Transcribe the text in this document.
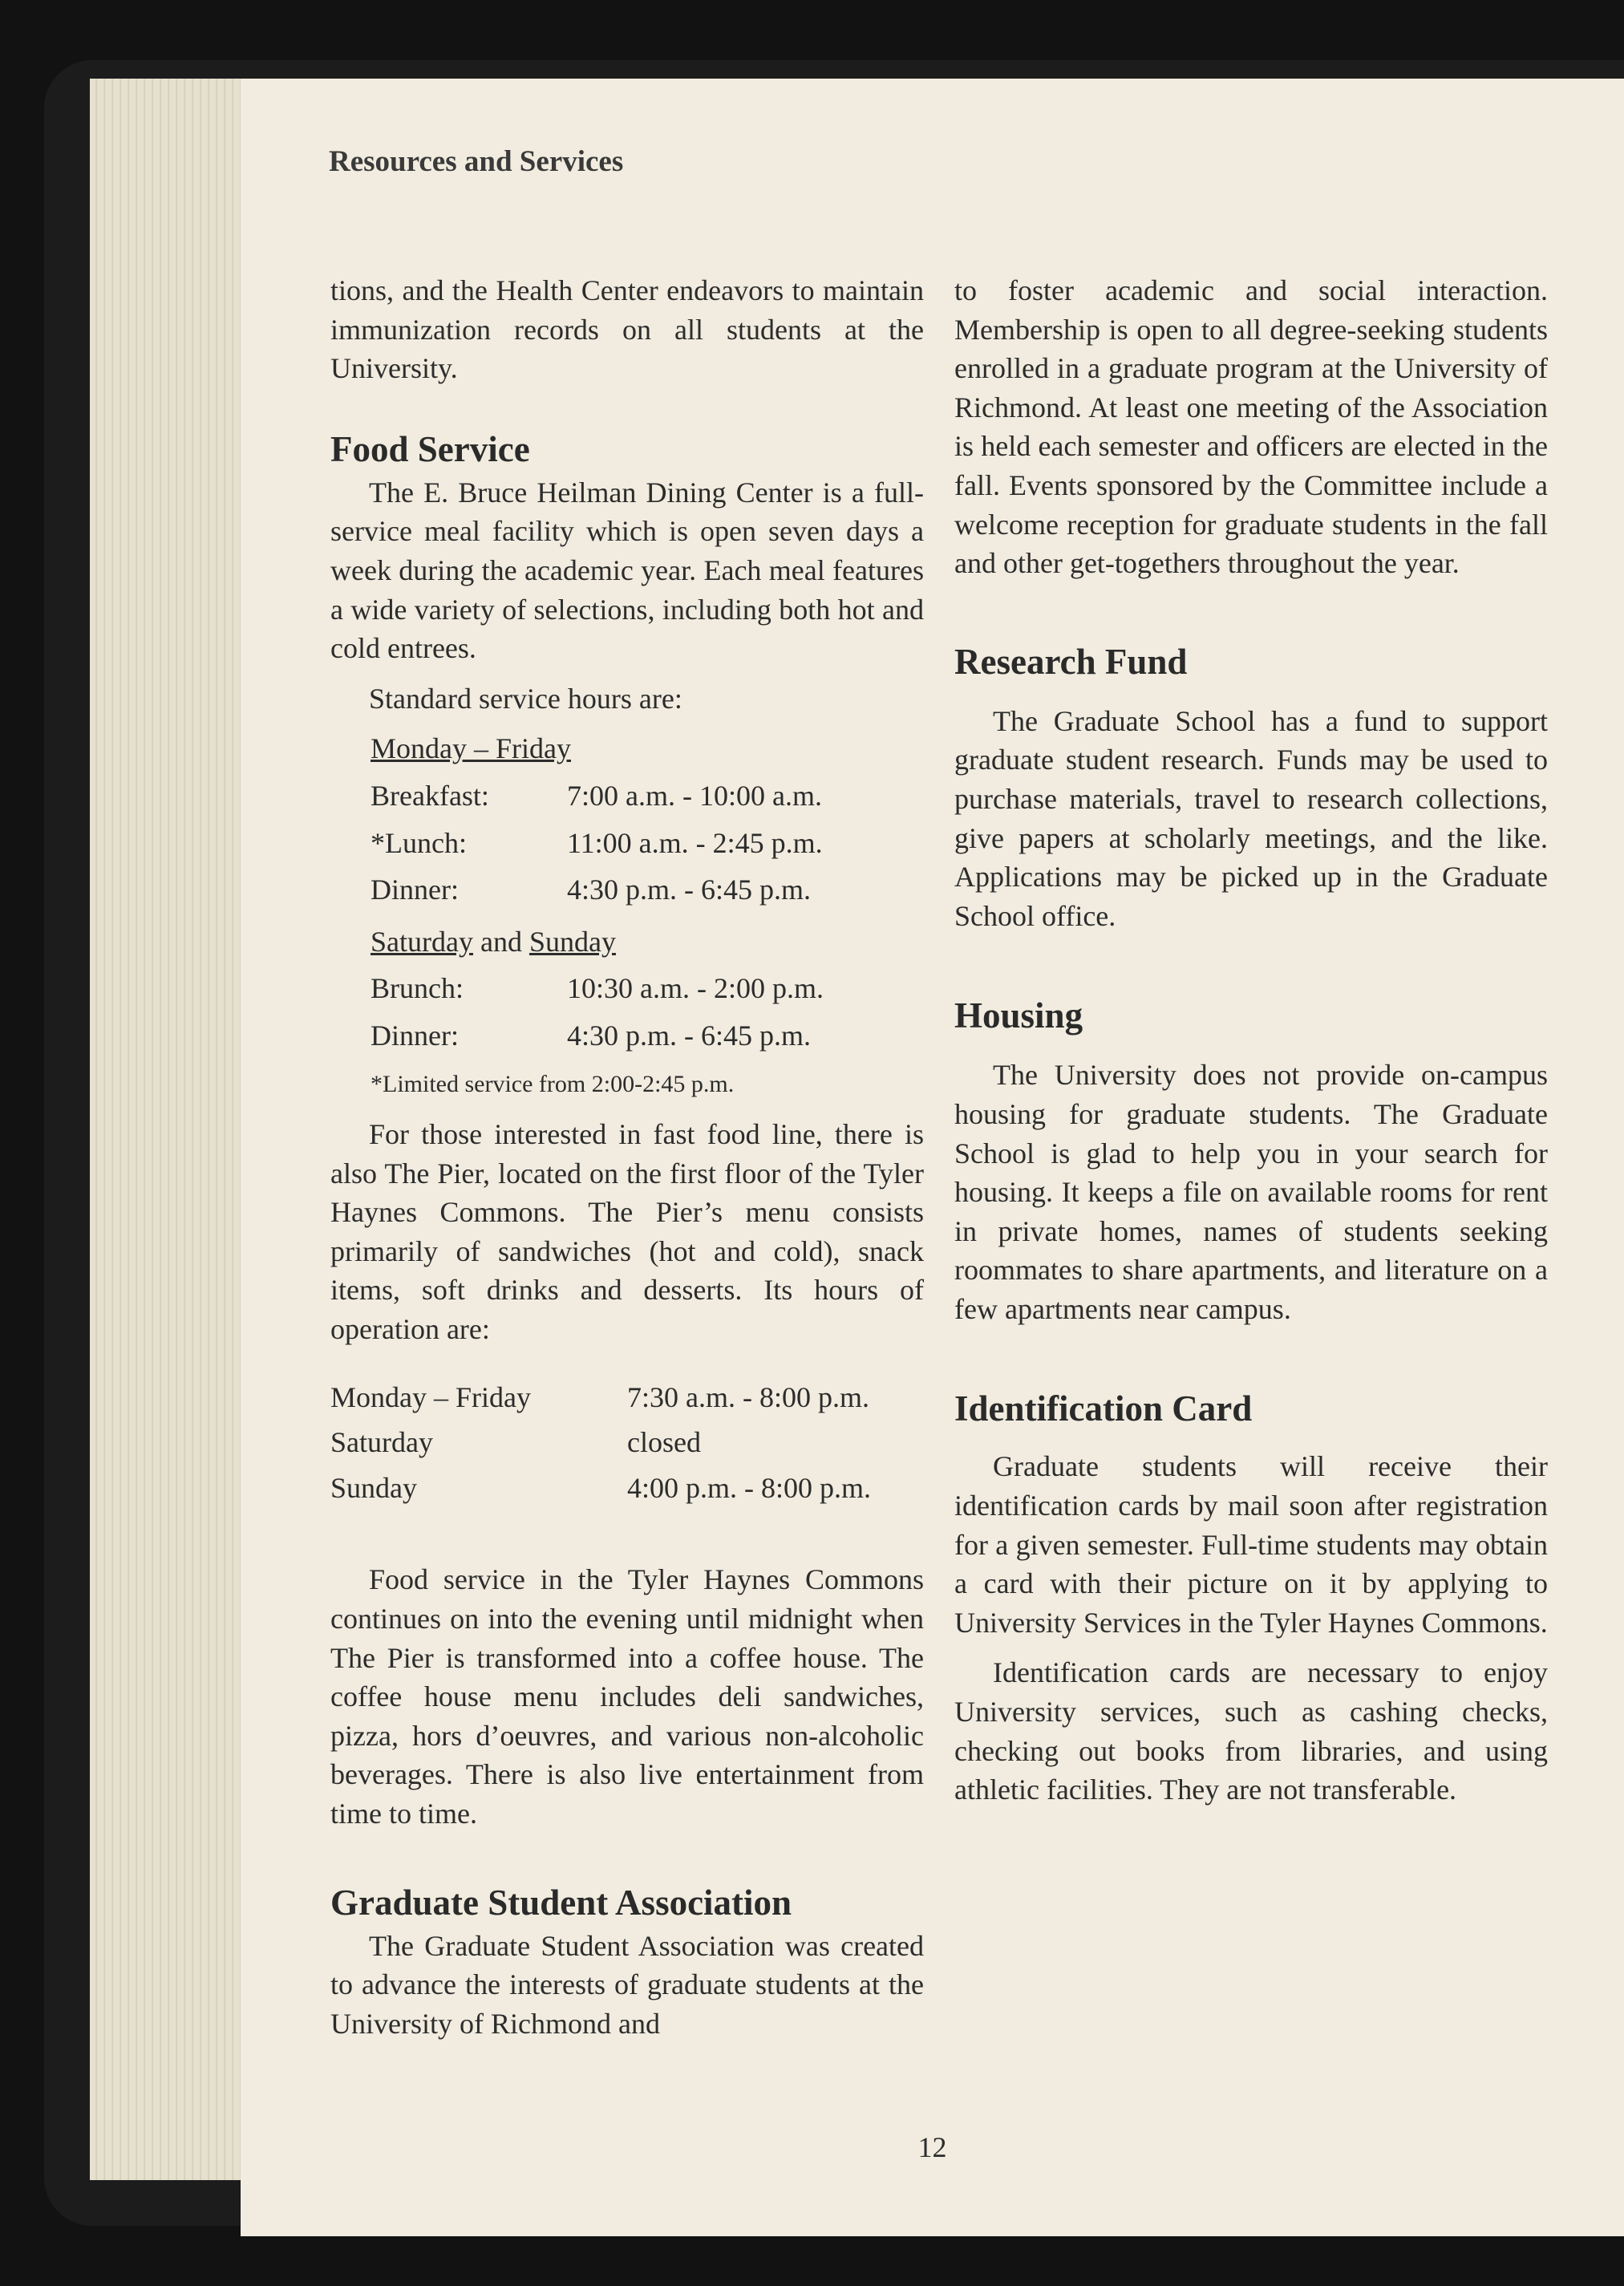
Resources and Services

tions, and the Health Center endeavors to maintain immunization records on all students at the University.

Food Service

The E. Bruce Heilman Dining Center is a full-service meal facility which is open seven days a week during the academic year. Each meal features a wide variety of selections, including both hot and cold entrees.

Standard service hours are:

Monday – Friday
Breakfast:	7:00 a.m. - 10:00 a.m.
*Lunch:	11:00 a.m. - 2:45 p.m.
Dinner:	4:30 p.m. - 6:45 p.m.
Saturday and Sunday
Brunch:	10:30 a.m. - 2:00 p.m.
Dinner:	4:30 p.m. - 6:45 p.m.
*Limited service from 2:00-2:45 p.m.

For those interested in fast food line, there is also The Pier, located on the first floor of the Tyler Haynes Commons. The Pier’s menu consists primarily of sandwiches (hot and cold), snack items, soft drinks and desserts. Its hours of operation are:

Monday – Friday	7:30 a.m. - 8:00 p.m.
Saturday	closed
Sunday	4:00 p.m. - 8:00 p.m.

Food service in the Tyler Haynes Commons continues on into the evening until midnight when The Pier is transformed into a coffee house. The coffee house menu includes deli sandwiches, pizza, hors d’oeuvres, and various non-alcoholic beverages. There is also live entertainment from time to time.

Graduate Student Association

The Graduate Student Association was created to advance the interests of graduate students at the University of Richmond and

to foster academic and social interaction. Membership is open to all degree-seeking students enrolled in a graduate program at the University of Richmond. At least one meeting of the Association is held each semester and officers are elected in the fall. Events sponsored by the Committee include a welcome reception for graduate students in the fall and other get-togethers throughout the year.

Research Fund

The Graduate School has a fund to support graduate student research. Funds may be used to purchase materials, travel to research collections, give papers at scholarly meetings, and the like. Applications may be picked up in the Graduate School office.

Housing

The University does not provide on-campus housing for graduate students. The Graduate School is glad to help you in your search for housing. It keeps a file on available rooms for rent in private homes, names of students seeking roommates to share apartments, and literature on a few apartments near campus.

Identification Card

Graduate students will receive their identification cards by mail soon after registration for a given semester. Full-time students may obtain a card with their picture on it by applying to University Services in the Tyler Haynes Commons.

Identification cards are necessary to enjoy University services, such as cashing checks, checking out books from libraries, and using athletic facilities. They are not transferable.

12
